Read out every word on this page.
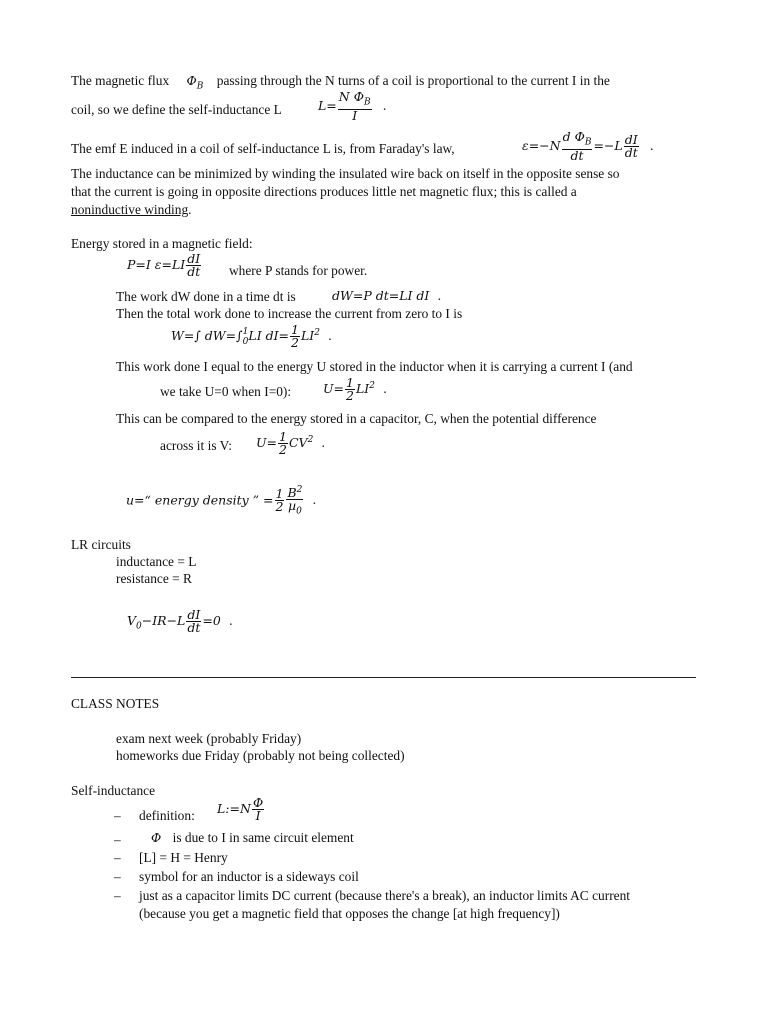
The magnetic flux $\Phi_B$ passing through the N turns of a coil is proportional to the current I in the
coil, so we define the self-inductance L	$L= \frac{N \Phi_B}{I}$ .
The emf E induced in a coil of self-inductance L is, from Faraday's law,	ɛ=−N $\frac{d \Phi_B}{dt} =-L \frac{dI}{dt}$ .
The inductance can be minimized by winding the insulated wire back on itself in the opposite sense so
that the current is going in opposite directions produces little net magnetic flux; this is called a
noninductive winding.
Energy stored in a magnetic field:
P=I ɛ=LI $\frac{dI}{dt}$ where P stands for power.
The work dW done in a time dt is	dW=P dt=LI dI .
Then the total work done to increase the current from zero to I is
W=∫ dW=∫ 1
0 LI $dI= \frac{1}{2} LI^2$ .
This work done I equal to the energy U stored in the inductor when it is carrying a current I (and
we take U=0 when I=0):	$U= \frac{1}{2} LI^2$ .
This can be compared to the energy stored in a capacitor, C, when the potential difference
across it is V: $U= \frac{1}{2} CV^2$ .
u=“ energy density ” = $\frac{1}{2} \frac{B^2}{\mu_0}$ .
LR circuits
inductance = L
resistance = R
$V_0-IR-L \frac{dI}{dt} =0$ .
CLASS NOTES
exam next week (probably Friday)
homeworks due Friday (probably not being collected)
Self-inductance
– definition: L:=N $\frac{\Phi}{I}$
– Φ is due to I in same circuit element
– [L] = H = Henry
– symbol for an inductor is a sideways coil
– just as a capacitor limits DC current (because there's a break), an inductor limits AC current
(because you get a magnetic field that opposes the change [at high frequency])
